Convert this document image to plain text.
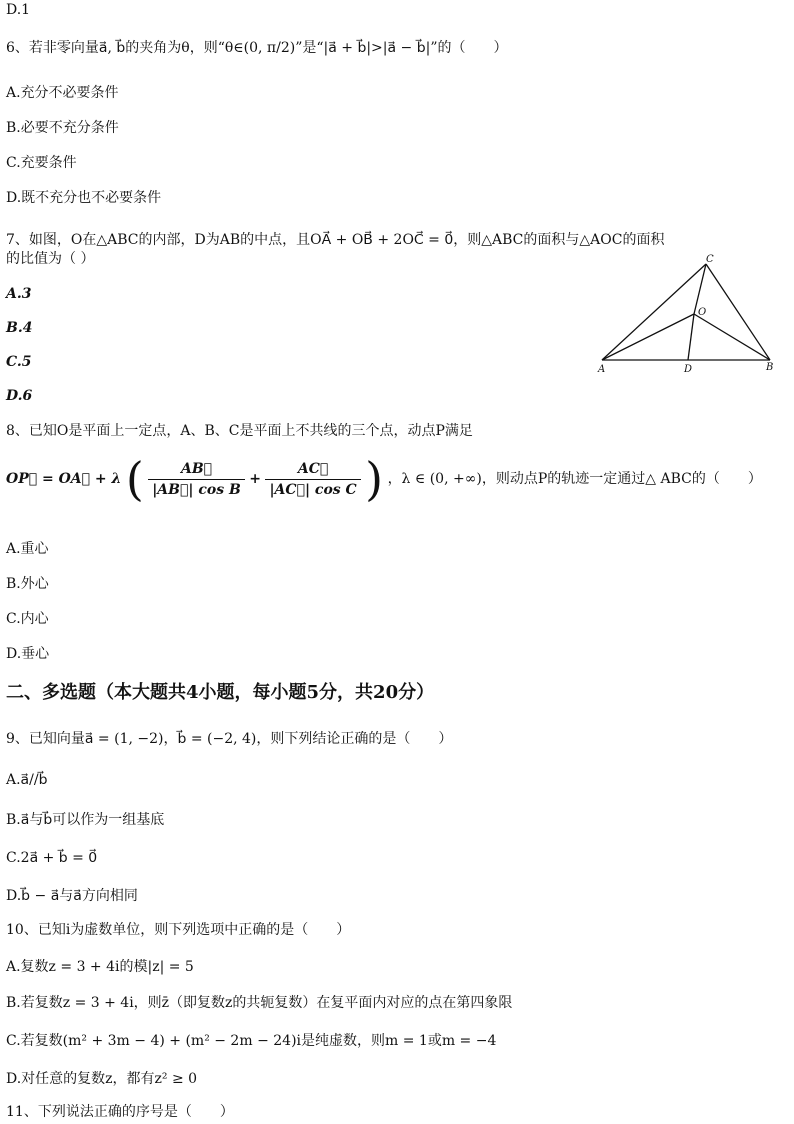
D.1
6、若非零向量a⃗, b⃗的夹角为θ，则“θ∈(0, π/2)”是“|a⃗ + b⃗|>|a⃗ − b⃗|”的（　　）
A.充分不必要条件
B.必要不充分条件
C.充要条件
D.既不充分也不必要条件
7、如图，O在△ABC的内部，D为AB的中点，且OA⃗ + OB⃗ + 2OC⃗ = 0⃗，则△ABC的面积与△AOC的面积
的比值为（ ）
A.3
B.4
C.5
D.6
C
O
A	D	B
8、已知O是平面上一定点，A、B、C是平面上不共线的三个点，动点P满足
OP⃗ = OA⃗ + λ ( $\frac{AB⃗}{\text{|AB⃗| cos B}} + \frac{AC⃗}{\text{|AC⃗| cos C}}$ ) ，λ ∈ (0, +∞)，则动点P的轨迹一定通过△ ABC的（　　）
A.重心
B.外心
C.内心
D.垂心
二、多选题（本大题共4小题，每小题5分，共20分）
9、已知向量a⃗ = (1, −2)，b⃗ = (−2, 4)，则下列结论正确的是（　　）
A.a⃗//b⃗
B.a⃗与b⃗可以作为一组基底
C.2a⃗ + b⃗ = 0⃗
D.b⃗ − a⃗与a⃗方向相同
10、已知i为虚数单位，则下列选项中正确的是（　　）
A.复数z = 3 + 4i的模|z| = 5
B.若复数z = 3 + 4i，则z̄（即复数z的共轭复数）在复平面内对应的点在第四象限
C.若复数(m² + 3m − 4) + (m² − 2m − 24)i是纯虚数，则m = 1或m = −4
D.对任意的复数z，都有z² ≥ 0
11、下列说法正确的序号是（　　）
